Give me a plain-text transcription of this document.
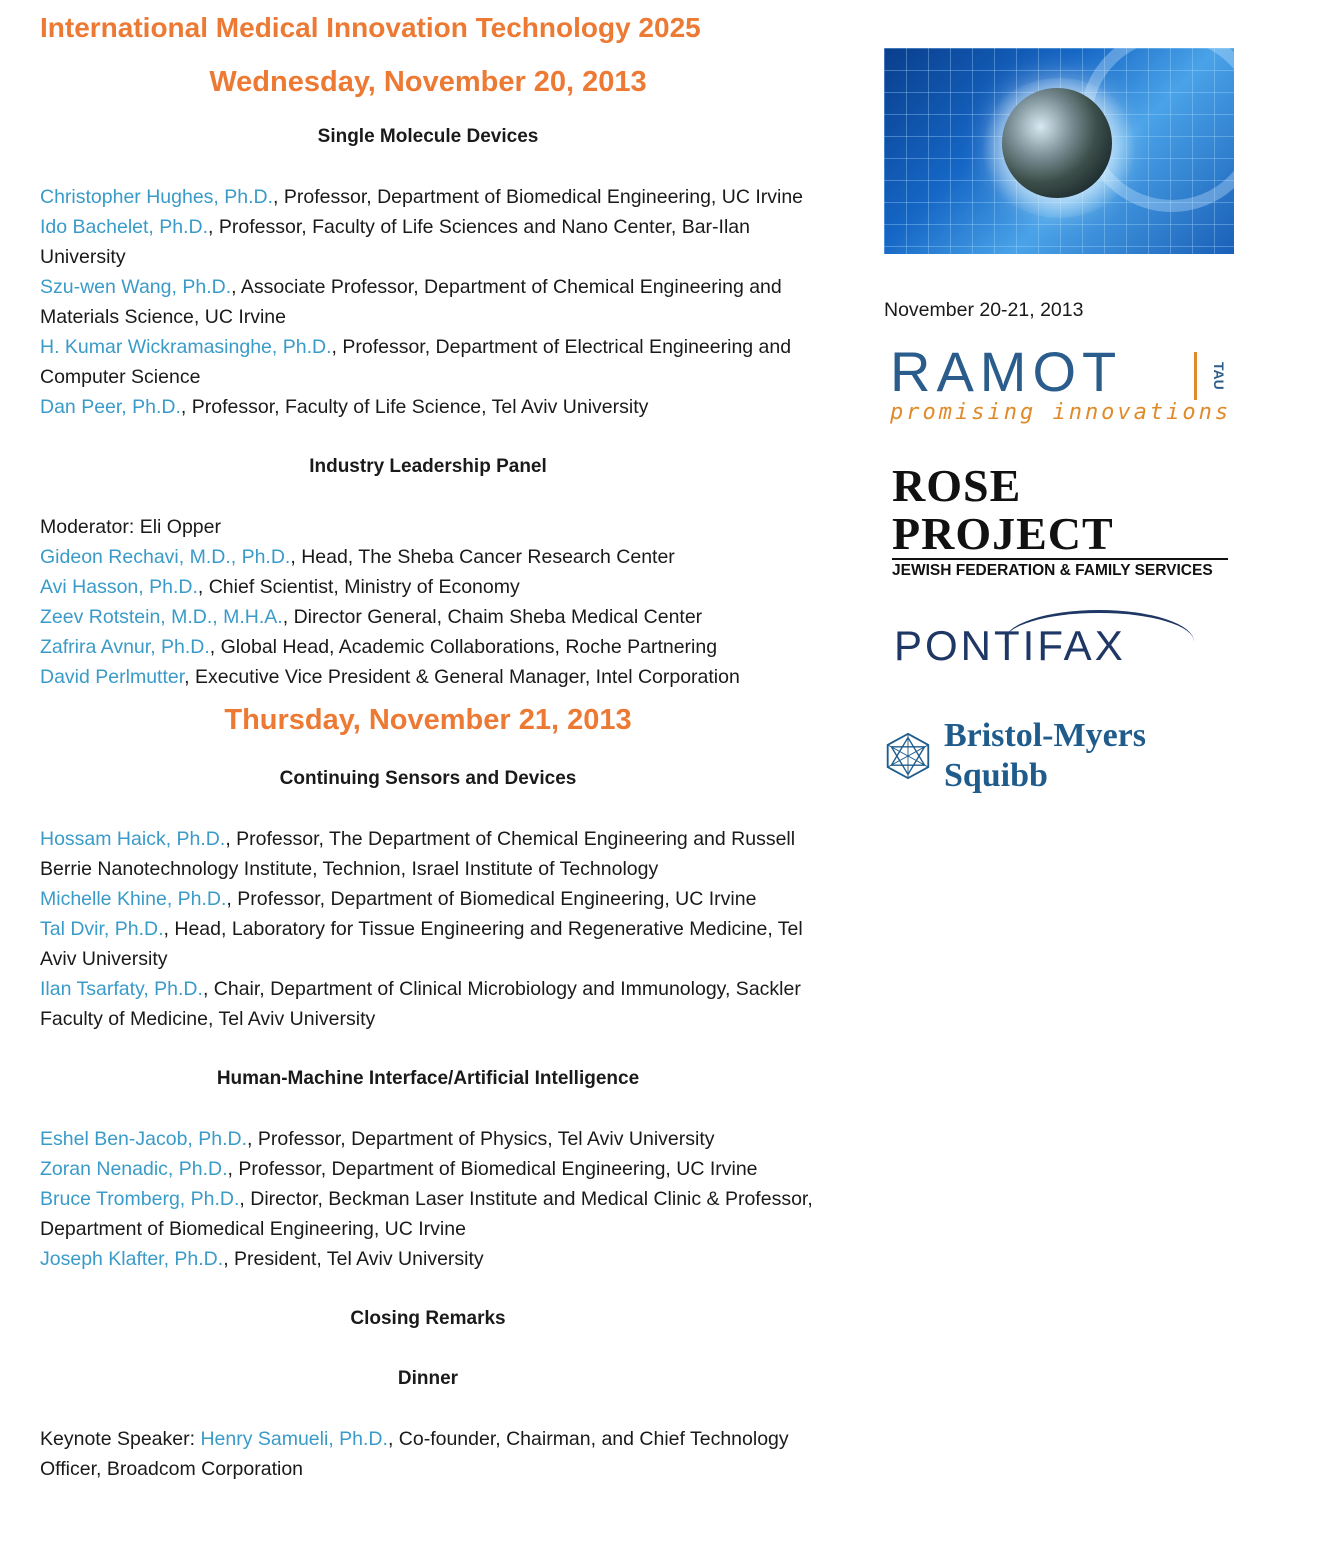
International Medical Innovation Technology 2025
Wednesday, November 20, 2013
Single Molecule Devices

Christopher Hughes, Ph.D., Professor, Department of Biomedical Engineering, UC Irvine

Ido Bachelet, Ph.D., Professor, Faculty of Life Sciences and Nano Center, Bar-Ilan University

Szu-wen Wang, Ph.D., Associate Professor, Department of Chemical Engineering and Materials Science, UC Irvine

H. Kumar Wickramasinghe, Ph.D., Professor, Department of Electrical Engineering and Computer Science

Dan Peer, Ph.D., Professor, Faculty of Life Science, Tel Aviv University

Industry Leadership Panel

Moderator: Eli Opper

Gideon Rechavi, M.D., Ph.D., Head, The Sheba Cancer Research Center

Avi Hasson, Ph.D., Chief Scientist, Ministry of Economy

Zeev Rotstein, M.D., M.H.A., Director General, Chaim Sheba Medical Center

Zafrira Avnur, Ph.D., Global Head, Academic Collaborations, Roche Partnering

David Perlmutter, Executive Vice President & General Manager, Intel Corporation

Thursday, November 21, 2013
Continuing Sensors and Devices

Hossam Haick, Ph.D., Professor, The Department of Chemical Engineering and Russell Berrie Nanotechnology Institute, Technion, Israel Institute of Technology

Michelle Khine, Ph.D., Professor, Department of Biomedical Engineering, UC Irvine

Tal Dvir, Ph.D., Head, Laboratory for Tissue Engineering and Regenerative Medicine, Tel Aviv University

Ilan Tsarfaty, Ph.D., Chair, Department of Clinical Microbiology and Immunology, Sackler Faculty of Medicine, Tel Aviv University

Human-Machine Interface/Artificial Intelligence

Eshel Ben-Jacob, Ph.D., Professor, Department of Physics, Tel Aviv University

Zoran Nenadic, Ph.D., Professor, Department of Biomedical Engineering, UC Irvine

Bruce Tromberg, Ph.D., Director, Beckman Laser Institute and Medical Clinic & Professor, Department of Biomedical Engineering, UC Irvine

Joseph Klafter, Ph.D., President, Tel Aviv University

Closing Remarks
Dinner

Keynote Speaker: Henry Samueli, Ph.D., Co-founder, Chairman, and Chief Technology Officer, Broadcom Corporation

November 20-21, 2013
RAMOT	TAU
promising innovations
ROSE PROJECT
JEWISH FEDERATION & FAMILY SERVICES
PONTIFAX
Bristol-Myers Squibb
